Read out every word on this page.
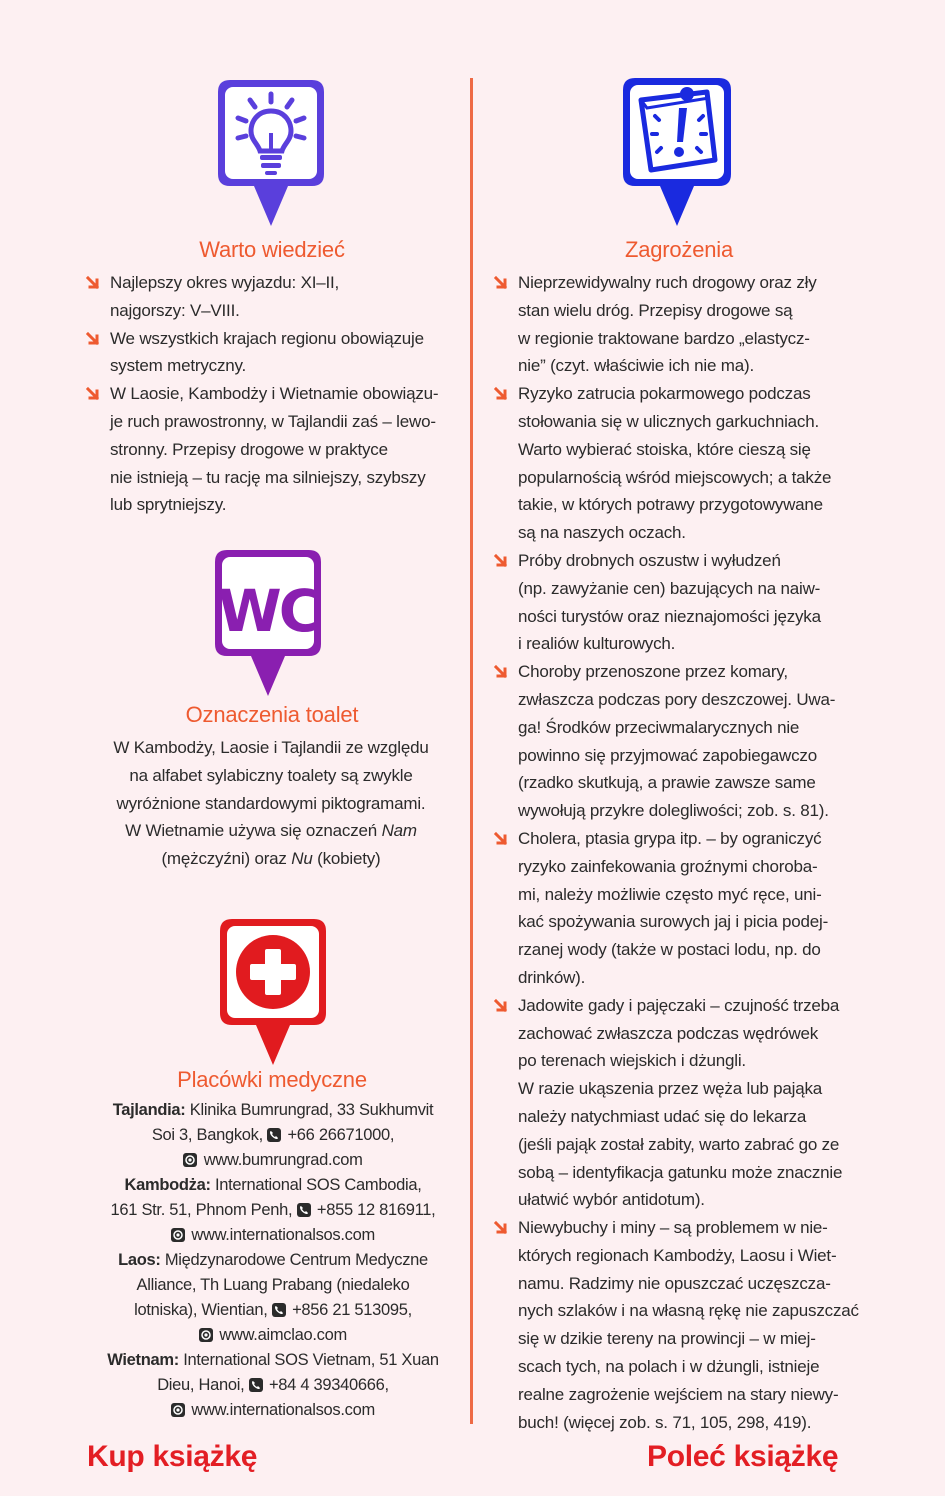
Warto wiedzieć
Najlepszy okres wyjazdu: XI–II,
najgorszy: V–VIII.
We wszystkich krajach regionu obowiązuje
system metryczny.
W Laosie, Kambodży i Wietnamie obowiązu-
je ruch prawostronny, w Tajlandii zaś – lewo-
stronny. Przepisy drogowe w praktyce
nie istnieją – tu rację ma silniejszy, szybszy
lub sprytniejszy.
WC
Oznaczenia toalet
W Kambodży, Laosie i Tajlandii ze względu
na alfabet sylabiczny toalety są zwykle
wyróżnione standardowymi piktogramami.
W Wietnamie używa się oznaczeń Nam
(mężczyźni) oraz Nu (kobiety)
Placówki medyczne
Tajlandia: Klinika Bumrungrad, 33 Sukhumvit
Soi 3, Bangkok,  +66 26671000,
www.bumrungrad.com
Kambodża: International SOS Cambodia,
161 Str. 51, Phnom Penh,  +855 12 816911,
www.internationalsos.com
Laos: Międzynarodowe Centrum Medyczne
Alliance, Th Luang Prabang (niedaleko
lotniska), Wientian,  +856 21 513095,
www.aimclao.com
Wietnam: International SOS Vietnam, 51 Xuan
Dieu, Hanoi,  +84 4 39340666,
www.internationalsos.com
Zagrożenia
Nieprzewidywalny ruch drogowy oraz zły
stan wielu dróg. Przepisy drogowe są
w regionie traktowane bardzo „elastycz-
nie” (czyt. właściwie ich nie ma).
Ryzyko zatrucia pokarmowego podczas
stołowania się w ulicznych garkuchniach.
Warto wybierać stoiska, które cieszą się
popularnością wśród miejscowych; a także
takie, w których potrawy przygotowywane
są na naszych oczach.
Próby drobnych oszustw i wyłudzeń
(np. zawyżanie cen) bazujących na naiw-
ności turystów oraz nieznajomości języka
i realiów kulturowych.
Choroby przenoszone przez komary,
zwłaszcza podczas pory deszczowej. Uwa-
ga! Środków przeciwmalarycznych nie
powinno się przyjmować zapobiegawczo
(rzadko skutkują, a prawie zawsze same
wywołują przykre dolegliwości; zob. s. 81).
Cholera, ptasia grypa itp. – by ograniczyć
ryzyko zainfekowania groźnymi choroba-
mi, należy możliwie często myć ręce, uni-
kać spożywania surowych jaj i picia podej-
rzanej wody (także w postaci lodu, np. do
drinków).
Jadowite gady i pajęczaki – czujność trzeba
zachować zwłaszcza podczas wędrówek
po terenach wiejskich i dżungli.
W razie ukąszenia przez węża lub pająka
należy natychmiast udać się do lekarza
(jeśli pająk został zabity, warto zabrać go ze
sobą – identyfikacja gatunku może znacznie
ułatwić wybór antidotum).
Niewybuchy i miny – są problemem w nie-
których regionach Kambodży, Laosu i Wiet-
namu. Radzimy nie opuszczać uczęszcza-
nych szlaków i na własną rękę nie zapuszczać
się w dzikie tereny na prowincji – w miej-
scach tych, na polach i w dżungli, istnieje
realne zagrożenie wejściem na stary niewy-
buch! (więcej zob. s. 71, 105, 298, 419).
Kup książkę	Poleć książkę
